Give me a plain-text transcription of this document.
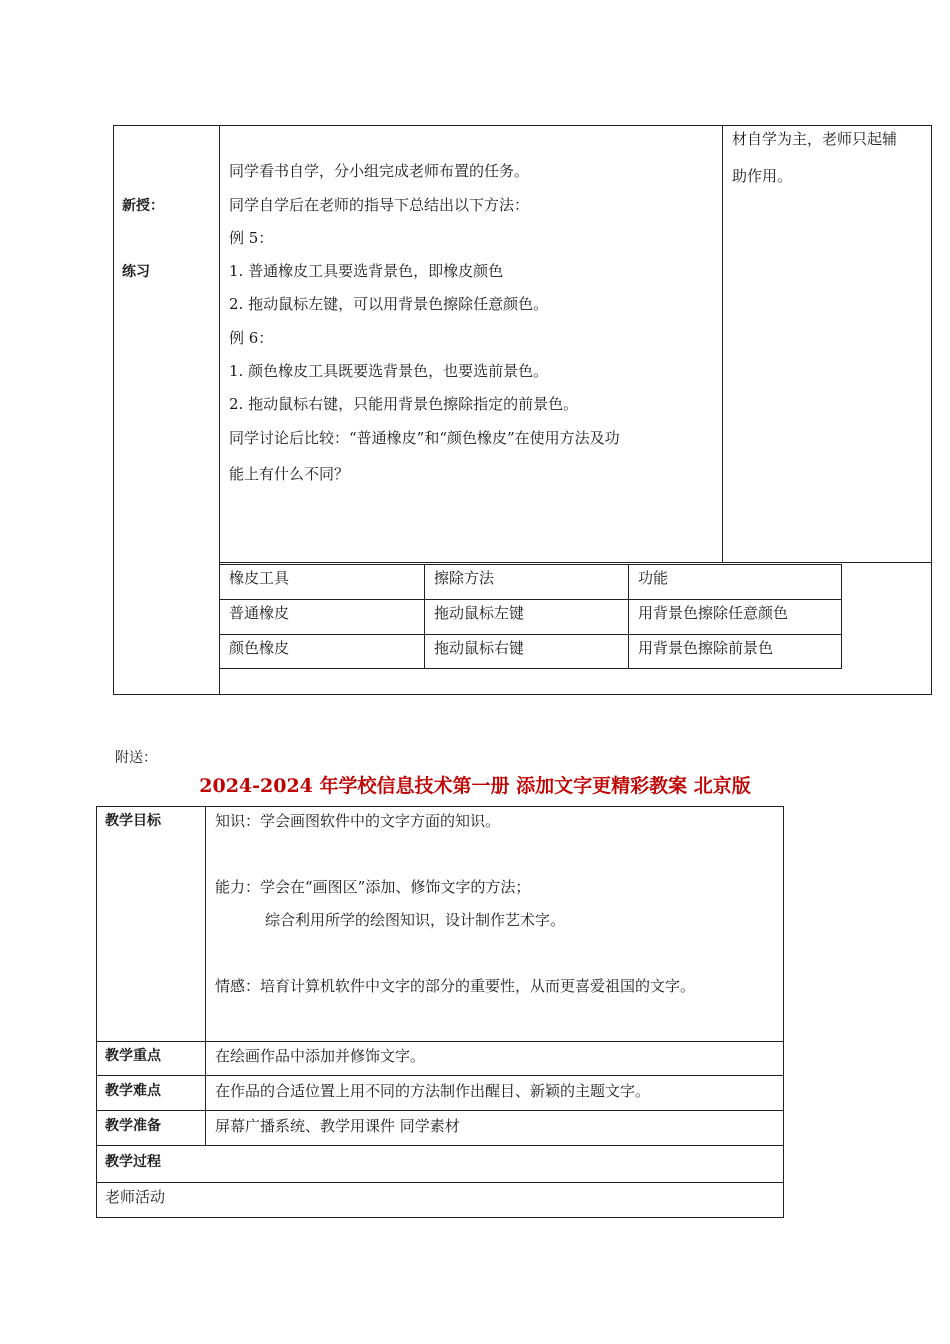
新授：
练习
同学看书自学，分小组完成老师布置的任务。
同学自学后在老师的指导下总结出以下方法：
例 5：
1. 普通橡皮工具要选背景色，即橡皮颜色
2. 拖动鼠标左键，可以用背景色擦除任意颜色。
例 6：
1. 颜色橡皮工具既要选背景色，也要选前景色。
2. 拖动鼠标右键，只能用背景色擦除指定的前景色。
同学讨论后比较：“普通橡皮”和“颜色橡皮”在使用方法及功
能上有什么不同？
材自学为主，老师只起辅
助作用。
橡皮工具	擦除方法	功能
普通橡皮	拖动鼠标左键	用背景色擦除任意颜色
颜色橡皮	拖动鼠标右键	用背景色擦除前景色
附送：
2024-2024 年学校信息技术第一册 添加文字更精彩教案 北京版
教学目标	知识：学会画图软件中的文字方面的知识。
能力：学会在“画图区”添加、修饰文字的方法；
综合利用所学的绘图知识，设计制作艺术字。
情感：培育计算机软件中文字的部分的重要性，从而更喜爱祖国的文字。
教学重点	在绘画作品中添加并修饰文字。
教学难点	在作品的合适位置上用不同的方法制作出醒目、新颖的主题文字。
教学准备	屏幕广播系统、教学用课件 同学素材
教学过程
老师活动
